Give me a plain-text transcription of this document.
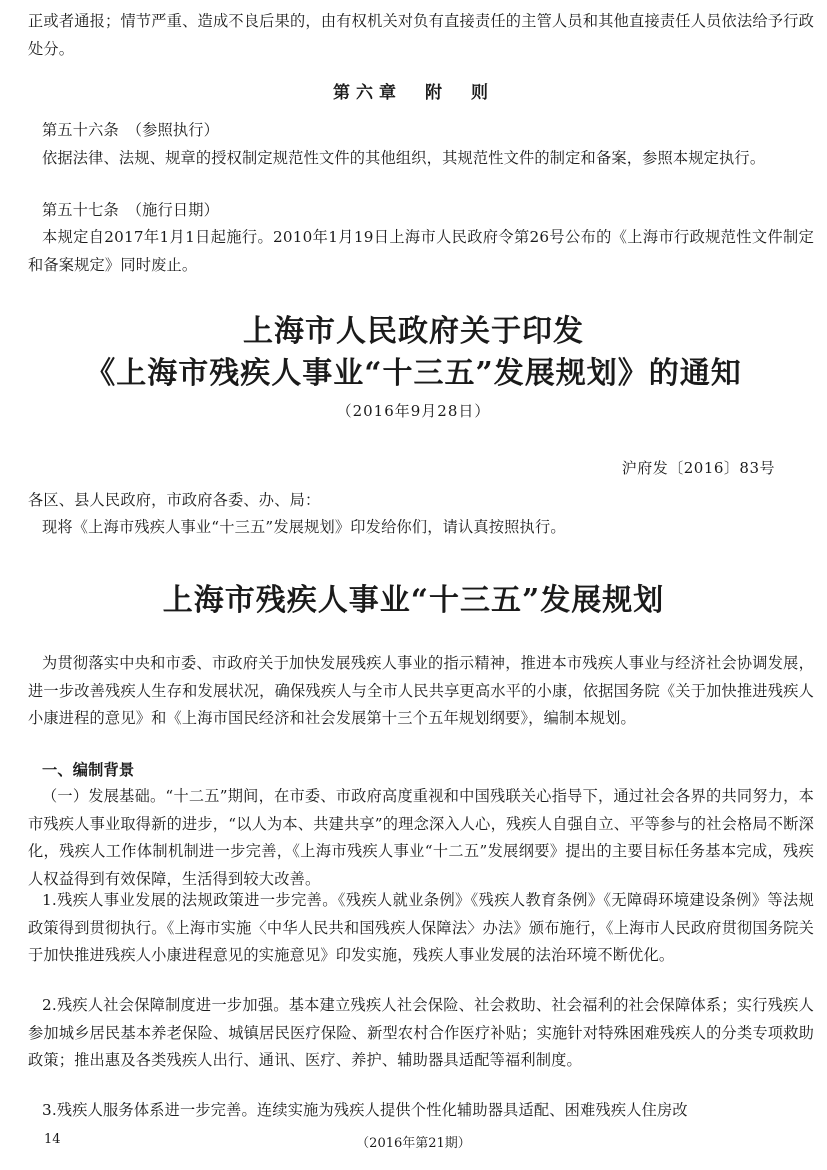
正或者通报；情节严重、造成不良后果的，由有权机关对负有直接责任的主管人员和其他直接责任人员依法给予行政处分。

第六章　附　则

第五十六条　（参照执行）

依据法律、法规、规章的授权制定规范性文件的其他组织，其规范性文件的制定和备案，参照本规定执行。

第五十七条　（施行日期）

本规定自2017年1月1日起施行。2010年1月19日上海市人民政府令第26号公布的《上海市行政规范性文件制定和备案规定》同时废止。

上海市人民政府关于印发
《上海市残疾人事业“十三五”发展规划》的通知
（2016年9月28日）
沪府发〔2016〕83号

各区、县人民政府，市政府各委、办、局：

现将《上海市残疾人事业“十三五”发展规划》印发给你们，请认真按照执行。

上海市残疾人事业“十三五”发展规划

为贯彻落实中央和市委、市政府关于加快发展残疾人事业的指示精神，推进本市残疾人事业与经济社会协调发展，进一步改善残疾人生存和发展状况，确保残疾人与全市人民共享更高水平的小康，依据国务院《关于加快推进残疾人小康进程的意见》和《上海市国民经济和社会发展第十三个五年规划纲要》，编制本规划。

一、编制背景

（一）发展基础。“十二五”期间，在市委、市政府高度重视和中国残联关心指导下，通过社会各界的共同努力，本市残疾人事业取得新的进步，“以人为本、共建共享”的理念深入人心，残疾人自强自立、平等参与的社会格局不断深化，残疾人工作体制机制进一步完善，《上海市残疾人事业“十二五”发展纲要》提出的主要目标任务基本完成，残疾人权益得到有效保障，生活得到较大改善。

1.残疾人事业发展的法规政策进一步完善。《残疾人就业条例》《残疾人教育条例》《无障碍环境建设条例》等法规政策得到贯彻执行。《上海市实施〈中华人民共和国残疾人保障法〉办法》颁布施行，《上海市人民政府贯彻国务院关于加快推进残疾人小康进程意见的实施意见》印发实施，残疾人事业发展的法治环境不断优化。

2.残疾人社会保障制度进一步加强。基本建立残疾人社会保险、社会救助、社会福利的社会保障体系；实行残疾人参加城乡居民基本养老保险、城镇居民医疗保险、新型农村合作医疗补贴；实施针对特殊困难残疾人的分类专项救助政策；推出惠及各类残疾人出行、通讯、医疗、养护、辅助器具适配等福利制度。

3.残疾人服务体系进一步完善。连续实施为残疾人提供个性化辅助器具适配、困难残疾人住房改

14	（2016年第21期）
